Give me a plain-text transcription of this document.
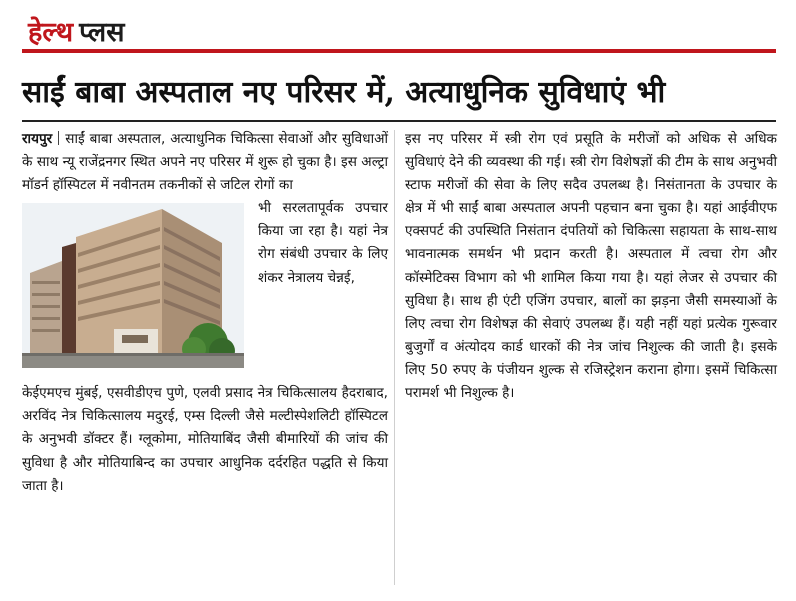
हेल्थ प्लस
साईं बाबा अस्पताल नए परिसर में, अत्याधुनिक सुविधाएं भी
रायपुर साईं बाबा अस्पताल, अत्याधुनिक चिकित्सा सेवाओं और सुविधाओं के साथ न्यू राजेंद्रनगर स्थित अपने नए परिसर में शुरू हो चुका है। इस अल्ट्रा मॉडर्न हॉस्पिटल में नवीनतम तकनीकों से जटिल रोगों का
भी सरलतापूर्वक उपचार किया जा रहा है। यहां नेत्र रोग संबंधी उपचार के लिए शंकर नेत्रालय चेन्नई,
केईएमएच मुंबई, एसवीडीएच पुणे, एलवी प्रसाद नेत्र चिकित्सालय हैदराबाद, अरविंद नेत्र चिकित्सालय मदुरई, एम्स दिल्ली जैसे मल्टीस्पेशलिटी हॉस्पिटल के अनुभवी डॉक्टर हैं। ग्लूकोमा, मोतियाबिंद जैसी बीमारियों की जांच की सुविधा है और मोतियाबिन्द का उपचार आधुनिक दर्दरहित पद्धति से किया जाता है।
इस नए परिसर में स्त्री रोग एवं प्रसूति के मरीजों को अधिक से अधिक सुविधाएं देने की व्यवस्था की गई। स्त्री रोग विशेषज्ञों की टीम के साथ अनुभवी स्टाफ मरीजों की सेवा के लिए सदैव उपलब्ध है। निसंतानता के उपचार के क्षेत्र में भी साईं बाबा अस्पताल अपनी पहचान बना चुका है। यहां आईवीएफ एक्सपर्ट की उपस्थिति निसंतान दंपतियों को चिकित्सा सहायता के साथ-साथ भावनात्मक समर्थन भी प्रदान करती है। अस्पताल में त्वचा रोग और कॉस्मेटिक्स विभाग को भी शामिल किया गया है। यहां लेजर से उपचार की सुविधा है। साथ ही एंटी एजिंग उपचार, बालों का झड़ना जैसी समस्याओं के लिए त्वचा रोग विशेषज्ञ की सेवाएं उपलब्ध हैं। यही नहीं यहां प्रत्येक गुरूवार बुजुर्गों व अंत्योदय कार्ड धारकों की नेत्र जांच निशुल्क की जाती है। इसके लिए 50 रुपए के पंजीयन शुल्क से रजिस्ट्रेशन कराना होगा। इसमें चिकित्सा परामर्श भी निशुल्क है।
